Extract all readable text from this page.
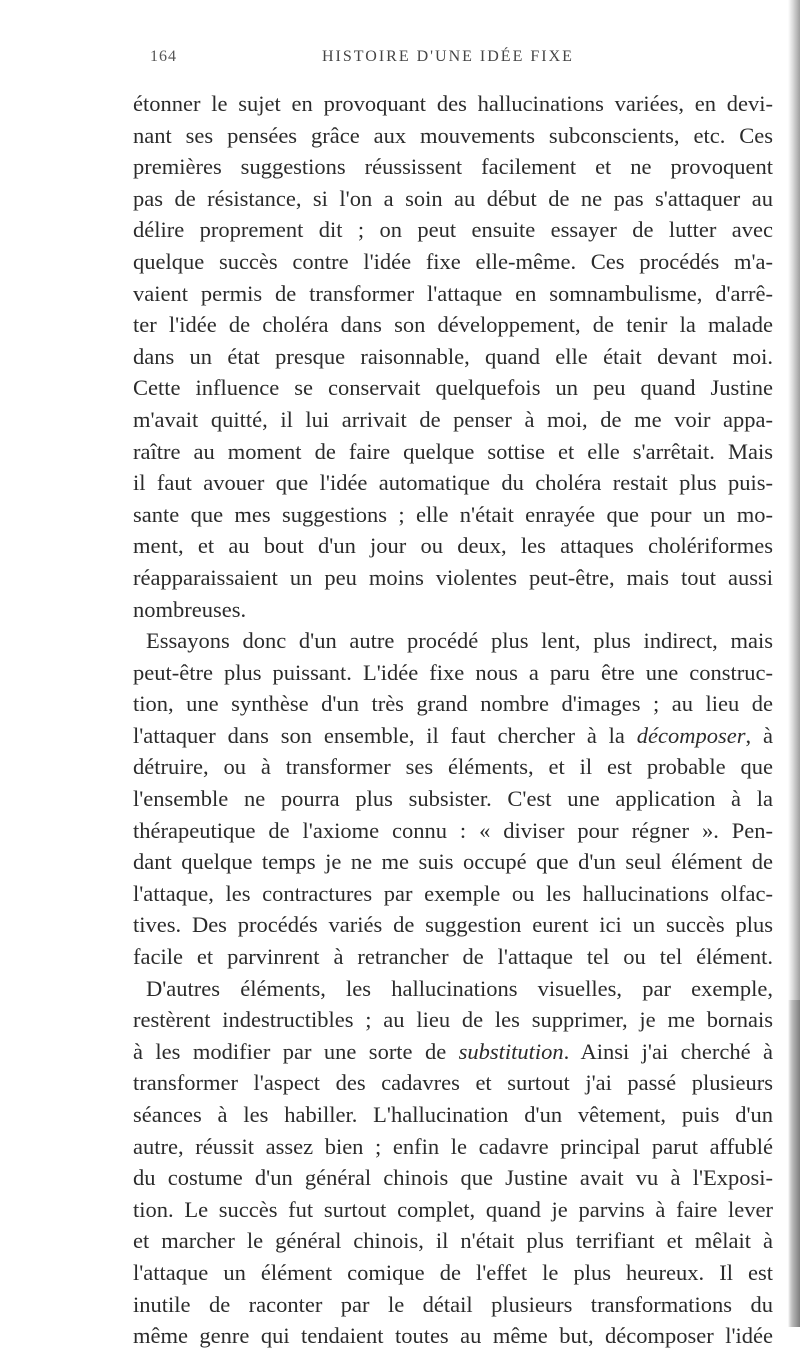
164	HISTOIRE D'UNE IDÉE FIXE
étonner le sujet en provoquant des hallucinations variées, en devi-
nant ses pensées grâce aux mouvements subconscients, etc. Ces
premières suggestions réussissent facilement et ne provoquent
pas de résistance, si l'on a soin au début de ne pas s'attaquer au
délire proprement dit ; on peut ensuite essayer de lutter avec
quelque succès contre l'idée fixe elle-même. Ces procédés m'a-
vaient permis de transformer l'attaque en somnambulisme, d'arrê-
ter l'idée de choléra dans son développement, de tenir la malade
dans un état presque raisonnable, quand elle était devant moi.
Cette influence se conservait quelquefois un peu quand Justine
m'avait quitté, il lui arrivait de penser à moi, de me voir appa-
raître au moment de faire quelque sottise et elle s'arrêtait. Mais
il faut avouer que l'idée automatique du choléra restait plus puis-
sante que mes suggestions ; elle n'était enrayée que pour un mo-
ment, et au bout d'un jour ou deux, les attaques cholériformes
réapparaissaient un peu moins violentes peut-être, mais tout aussi
nombreuses.
Essayons donc d'un autre procédé plus lent, plus indirect, mais
peut-être plus puissant. L'idée fixe nous a paru être une construc-
tion, une synthèse d'un très grand nombre d'images ; au lieu de
l'attaquer dans son ensemble, il faut chercher à la décomposer, à
détruire, ou à transformer ses éléments, et il est probable que
l'ensemble ne pourra plus subsister. C'est une application à la
thérapeutique de l'axiome connu : « diviser pour régner ». Pen-
dant quelque temps je ne me suis occupé que d'un seul élément de
l'attaque, les contractures par exemple ou les hallucinations olfac-
tives. Des procédés variés de suggestion eurent ici un succès plus
facile et parvinrent à retrancher de l'attaque tel ou tel élément.
D'autres éléments, les hallucinations visuelles, par exemple,
restèrent indestructibles ; au lieu de les supprimer, je me bornais
à les modifier par une sorte de substitution. Ainsi j'ai cherché à
transformer l'aspect des cadavres et surtout j'ai passé plusieurs
séances à les habiller. L'hallucination d'un vêtement, puis d'un
autre, réussit assez bien ; enfin le cadavre principal parut affublé
du costume d'un général chinois que Justine avait vu à l'Exposi-
tion. Le succès fut surtout complet, quand je parvins à faire lever
et marcher le général chinois, il n'était plus terrifiant et mêlait à
l'attaque un élément comique de l'effet le plus heureux. Il est
inutile de raconter par le détail plusieurs transformations du
même genre qui tendaient toutes au même but, décomposer l'idée
